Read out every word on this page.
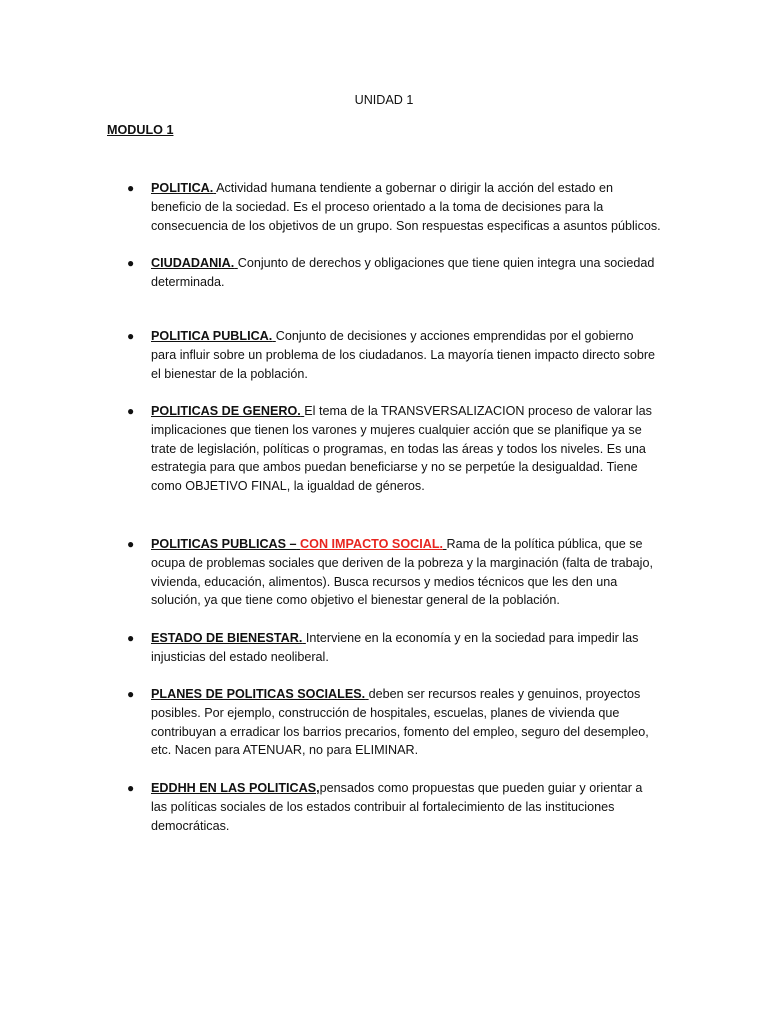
UNIDAD 1
MODULO 1

● POLITICA. Actividad humana tendiente a gobernar o dirigir la acción del estado en beneficio de la sociedad. Es el proceso orientado a la toma de decisiones para la consecuencia de los objetivos de un grupo. Son respuestas especificas a asuntos públicos.

● CIUDADANIA. Conjunto de derechos y obligaciones que tiene quien integra una sociedad determinada.

● POLITICA PUBLICA. Conjunto de decisiones y acciones emprendidas por el gobierno para influir sobre un problema de los ciudadanos. La mayoría tienen impacto directo sobre el bienestar de la población.

● POLITICAS DE GENERO. El tema de la TRANSVERSALIZACION proceso de valorar las implicaciones que tienen los varones y mujeres cualquier acción que se planifique ya se trate de legislación, políticas o programas, en todas las áreas y todos los niveles. Es una estrategia para que ambos puedan beneficiarse y no se perpetúe la desigualdad. Tiene como OBJETIVO FINAL, la igualdad de géneros.

● POLITICAS PUBLICAS – CON IMPACTO SOCIAL. Rama de la política pública, que se ocupa de problemas sociales que deriven de la pobreza y la marginación (falta de trabajo, vivienda, educación, alimentos). Busca recursos y medios técnicos que les den una solución, ya que tiene como objetivo el bienestar general de la población.

● ESTADO DE BIENESTAR. Interviene en la economía y en la sociedad para impedir las injusticias del estado neoliberal.

● PLANES DE POLITICAS SOCIALES. deben ser recursos reales y genuinos, proyectos posibles. Por ejemplo, construcción de hospitales, escuelas, planes de vivienda que contribuyan a erradicar los barrios precarios, fomento del empleo, seguro del desempleo, etc. Nacen para ATENUAR, no para ELIMINAR.

● EDDHH EN LAS POLITICAS,pensados como propuestas que pueden guiar y orientar a las políticas sociales de los estados contribuir al fortalecimiento de las instituciones democráticas.
